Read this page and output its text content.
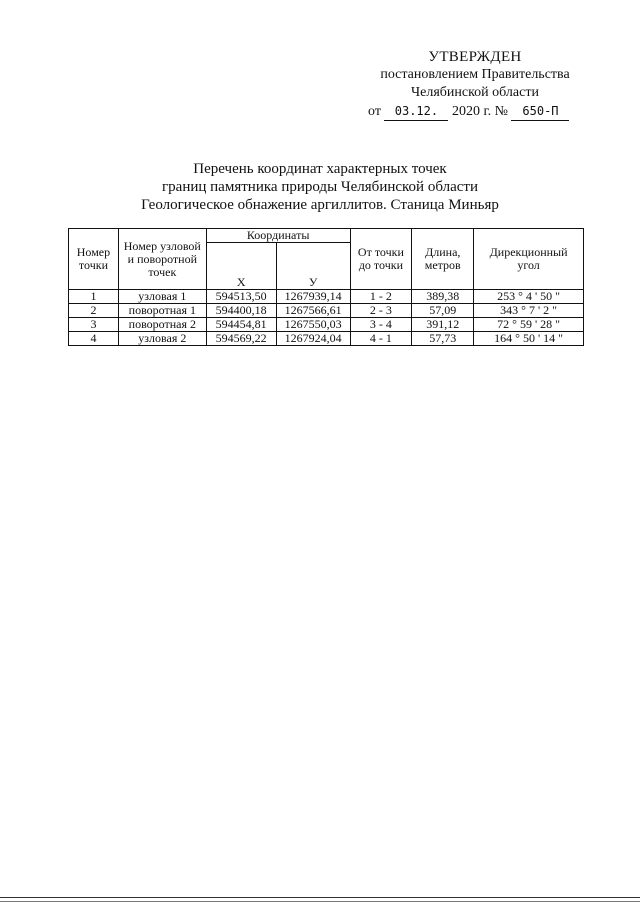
УТВЕРЖДЕН
постановлением Правительства
Челябинской области
от 03.12. 2020 г. № 650-П
Перечень координат характерных точек
границ памятника природы Челябинской области
Геологическое обнажение аргиллитов. Станица Миньяр
Номер точки	Номер узловой и поворотной точек	Координаты		От точки до точки	Длина, метров	Дирекционный угол
		Х	У			
1	узловая 1	594513,50	1267939,14	1 - 2	389,38	253 ° 4 ' 50 "
2	поворотная 1	594400,18	1267566,61	2 - 3	57,09	343 ° 7 ' 2 "
3	поворотная 2	594454,81	1267550,03	3 - 4	391,12	72 ° 59 ' 28 "
4	узловая 2	594569,22	1267924,04	4 - 1	57,73	164 ° 50 ' 14 "
